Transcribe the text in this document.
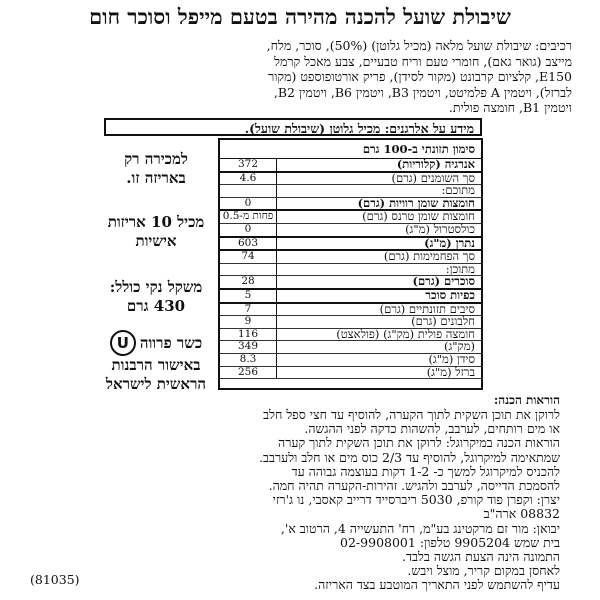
שיבולת שועל להכנה מהירה בטעם מייפל וסוכר חום
רכיבים: שיבולת שועל מלאה (מכיל גלוטן) (50%), סוכר, מלח,
מייצב (גואר גאם), חומרי טעם וריח טבעיים, צבע מאכל קרמל
E150, קלציום קרבונט (מקור לסידן), פריק אורטופוספט (מקור
לברזל), ויטמין A פלמיטט, ויטמין B3, ויטמין B6, ויטמין B2,
ויטמין B1, חומצה פולית.
מידע על אלרגנים: מכיל גלוטן (שיבולת שועל).
סימון תזונתי ב-100 גרם
אנרגיה (קלוריות)
372
סך השומנים (גרם)
4.6
מתוכם:
חומצות שומן רוויות (גרם)
0
חומצות שומן טרנס (גרם)
פחות מ-0.5
כולסטרול (מ"ג)
0
נתרן (מ"ג)
603
סך הפחמימות (גרם)
74
מתוכן:
סוכרים (גרם)
28
כפיות סוכר
5
סיבים תזונתיים (גרם)
7
חלבונים (גרם)
9
חומצה פולית (מק"ג) (פולאצט)
116
(מק"ג)
349
סידן (מ"ג)
8.3
ברזל (מ"ג)
256
למכירה רק
באריזה זו.
מכיל 10 אריזות
אישיות
משקל נקי כולל:
430 גרם
כשר פרווה
U
באישור הרבנות
הראשית לישראל
הוראות הכנה:
לרוקן את תוכן השקית לתוך הקערה, להוסיף עד חצי ספל חלב
או מים רותחים, לערבב, להשהות כדקה לפני ההגשה.
הוראות הכנה במיקרוגל: לרוקן את תוכן השקית לתוך קערה
שמתאימה למיקרוגל, להוסיף עד 2/3 כוס מים או חלב ולערבב.
להכניס למיקרוגל למשך כ- 1-2 דקות בעוצמה גבוהה עד
להסמכת הדייסה, לערבב ולהגיש. זהירות-הקערה תהיה חמה.
יצרן: וקפרן פוד קורפ, 5030 ריברסייד דרייב קאסבי, נו ג'רזי
08832 ארה"ב
יבואן: מור זם מרקטינג בע"מ, רח' התעשייה 4, הרטוב א',
בית שמש 9905204 טלפון: 02-9908001
התמונה הינה הצעת הגשה בלבד.
לאחסן במקום קריר, מוצל ויבש.
עדיף להשתמש לפני התאריך המוטבע בצד האריזה.
(81035)
